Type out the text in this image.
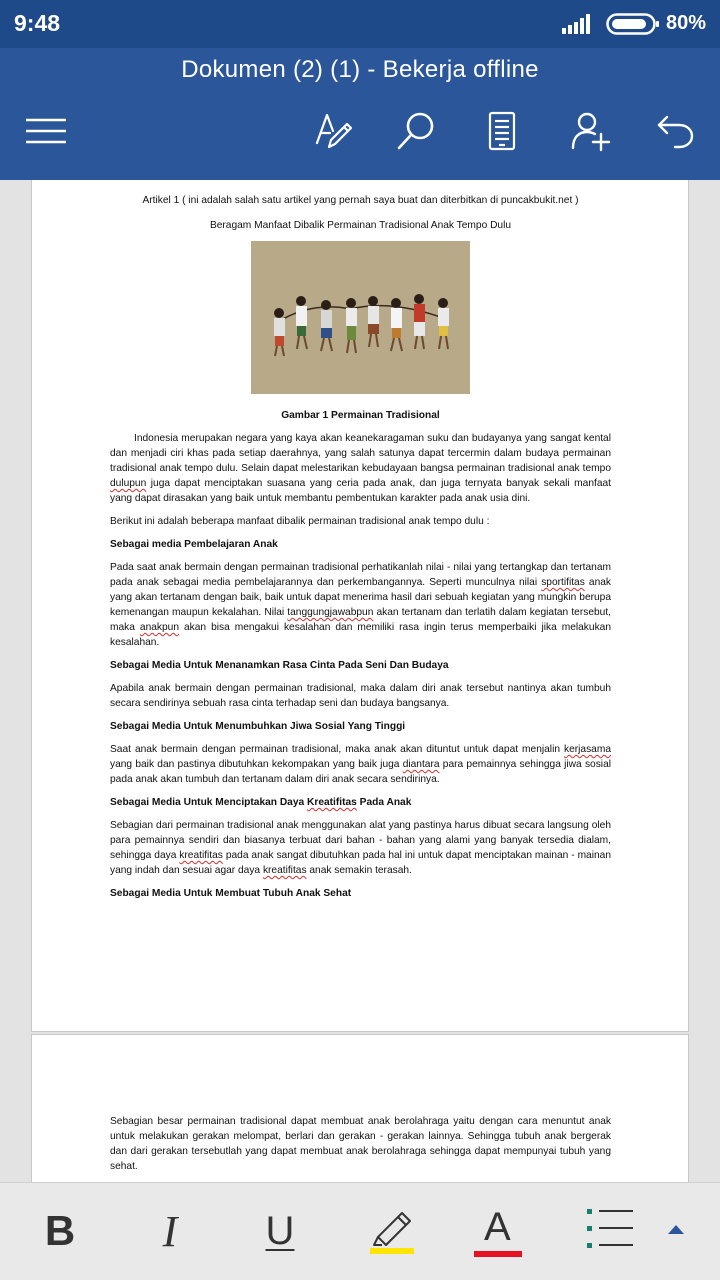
9:48	80%
Dokumen (2) (1) - Bekerja offline

Artikel 1 ( ini adalah salah satu artikel yang pernah saya buat dan diterbitkan di puncakbukit.net )

Beragam Manfaat Dibalik Permainan Tradisional Anak Tempo Dulu

Gambar 1 Permainan Tradisional

Indonesia merupakan negara yang kaya akan keanekaragaman suku dan budayanya yang sangat kental dan menjadi ciri khas pada setiap daerahnya, yang salah satunya dapat tercermin dalam budaya permainan tradisional anak tempo dulu. Selain dapat melestarikan kebudayaan bangsa permainan tradisional anak tempo dulupun juga dapat menciptakan suasana yang ceria pada anak, dan juga ternyata banyak sekali manfaat yang dapat dirasakan yang baik untuk membantu pembentukan karakter pada anak usia dini.

Berikut ini adalah beberapa manfaat dibalik permainan tradisional anak tempo dulu :

Sebagai media Pembelajaran Anak

Pada saat anak bermain dengan permainan tradisional perhatikanlah nilai - nilai yang tertangkap dan tertanam pada anak sebagai media pembelajarannya dan perkembangannya. Seperti munculnya nilai sportifitas anak yang akan tertanam dengan baik, baik untuk dapat menerima hasil dari sebuah kegiatan yang mungkin berupa kemenangan maupun kekalahan. Nilai tanggungjawabpun akan tertanam dan terlatih dalam kegiatan tersebut, maka anakpun akan bisa mengakui kesalahan dan memiliki rasa ingin terus memperbaiki jika melakukan kesalahan.

Sebagai Media Untuk Menanamkan Rasa Cinta Pada Seni Dan Budaya

Apabila anak bermain dengan permainan tradisional, maka dalam diri anak tersebut nantinya akan tumbuh secara sendirinya sebuah rasa cinta terhadap seni dan budaya bangsanya.

Sebagai Media Untuk Menumbuhkan Jiwa Sosial Yang Tinggi

Saat anak bermain dengan permainan tradisional, maka anak akan dituntut untuk dapat menjalin kerjasama yang baik dan pastinya dibutuhkan kekompakan yang baik juga diantara para pemainnya sehingga jiwa sosial pada anak akan tumbuh dan tertanam dalam diri anak secara sendirinya.

Sebagai Media Untuk Menciptakan Daya Kreatifitas Pada Anak

Sebagian dari permainan tradisional anak menggunakan alat yang pastinya harus dibuat secara langsung oleh para pemainnya sendiri dan biasanya terbuat dari bahan - bahan yang alami yang banyak tersedia dialam, sehingga daya kreatifitas pada anak sangat dibutuhkan pada hal ini untuk dapat menciptakan mainan - mainan yang indah dan sesuai agar daya kreatifitas anak semakin terasah.

Sebagai Media Untuk Membuat Tubuh Anak Sehat

Sebagian besar permainan tradisional dapat membuat anak berolahraga yaitu dengan cara menuntut anak untuk melakukan gerakan melompat, berlari dan gerakan - gerakan lainnya. Sehingga tubuh anak bergerak dan dari gerakan tersebutlah yang dapat membuat anak berolahraga sehingga dapat mempunyai tubuh yang sehat.

B I U	A
